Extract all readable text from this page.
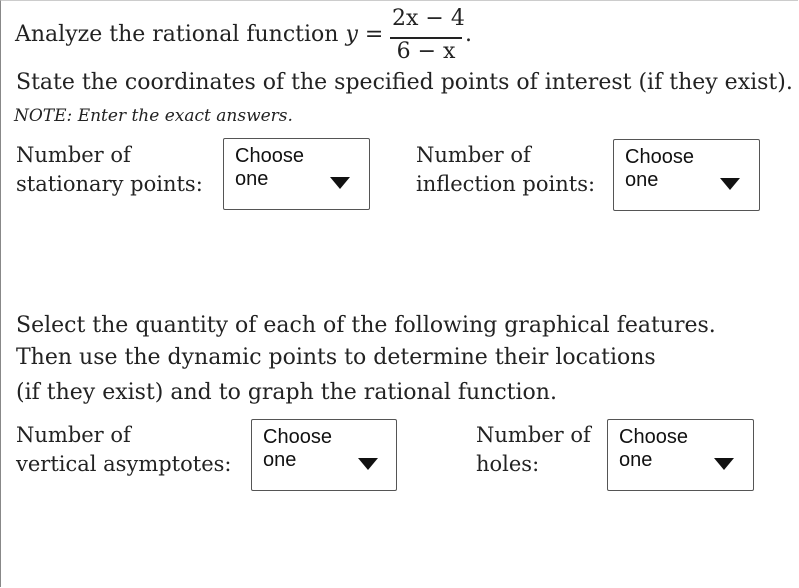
Analyze the rational function y =
2x − 4
6 − x
.
State the coordinates of the specified points of interest (if they exist).
NOTE: Enter the exact answers.
Number of
stationary points:
Choose one
Number of
inflection points:
Choose one
Select the quantity of each of the following graphical features.
Then use the dynamic points to determine their locations
(if they exist) and to graph the rational function.
Number of
vertical asymptotes:
Choose one
Number of
holes:
Choose one
